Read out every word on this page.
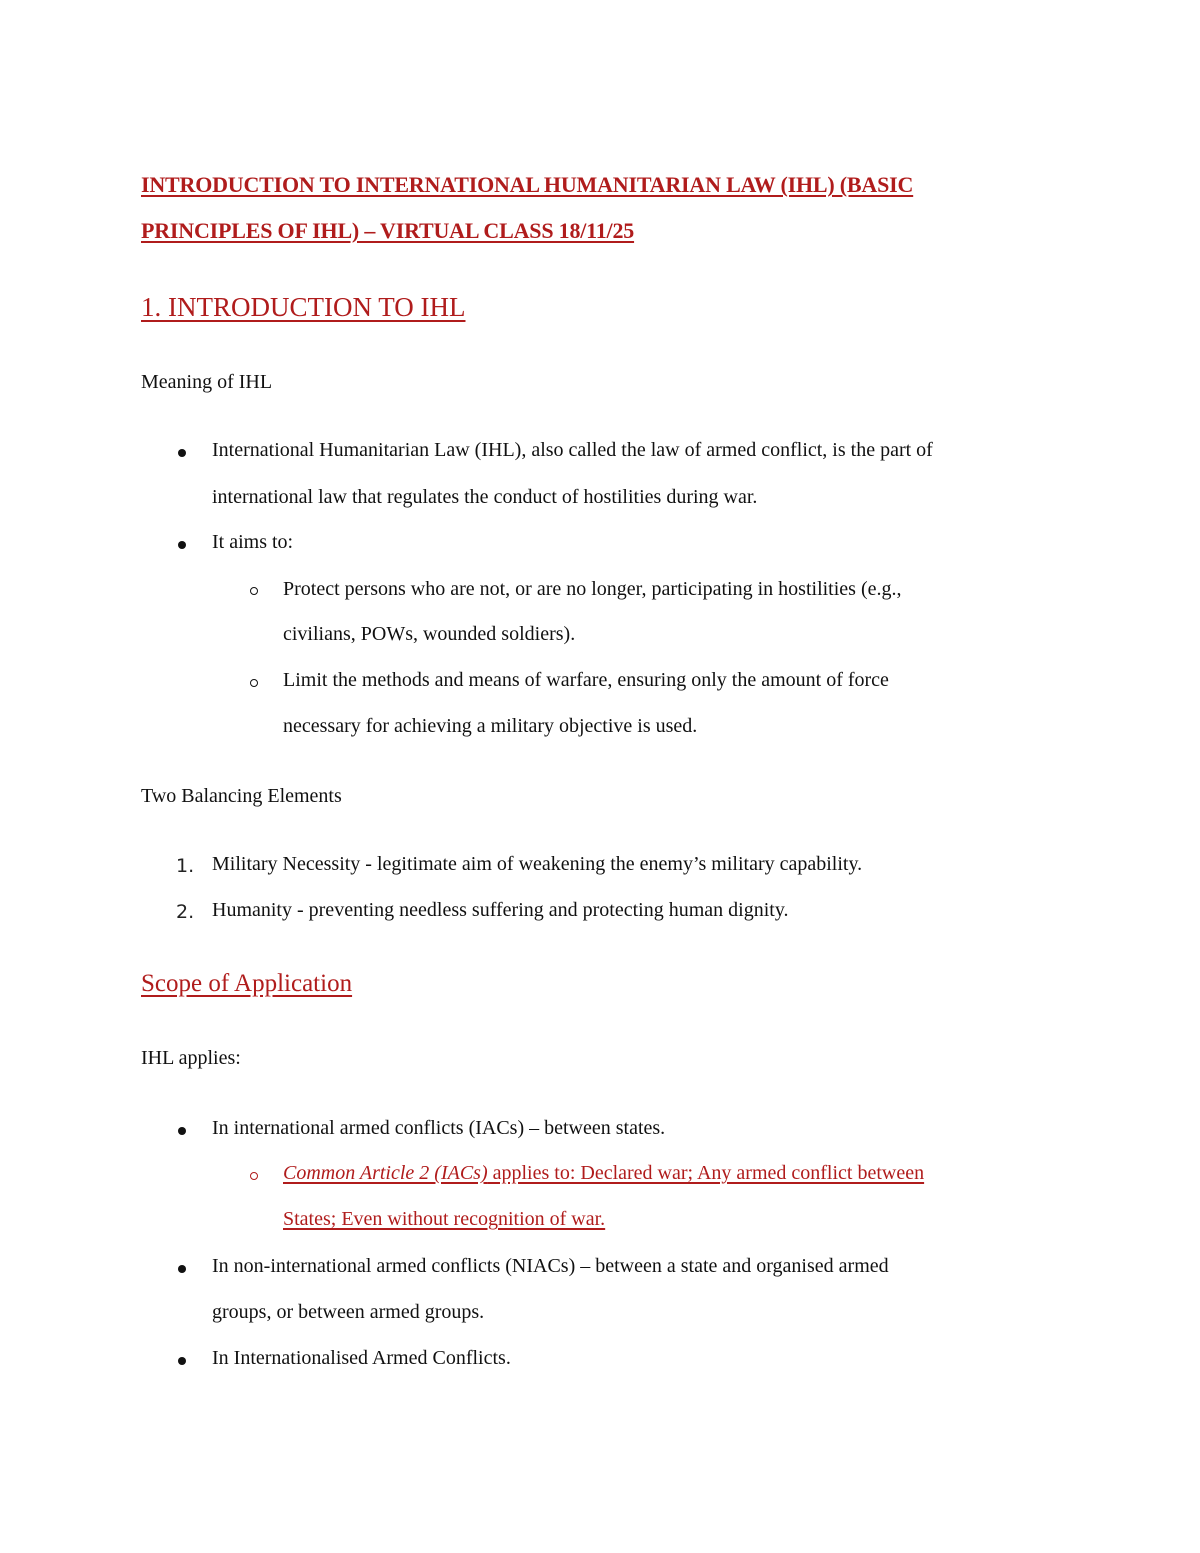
INTRODUCTION TO INTERNATIONAL HUMANITARIAN LAW (IHL) (BASIC
PRINCIPLES OF IHL) – VIRTUAL CLASS 18/11/25
1. INTRODUCTION TO IHL
Meaning of IHL
International Humanitarian Law (IHL), also called the law of armed conflict, is the part of
international law that regulates the conduct of hostilities during war.
It aims to:
Protect persons who are not, or are no longer, participating in hostilities (e.g.,
civilians, POWs, wounded soldiers).
Limit the methods and means of warfare, ensuring only the amount of force
necessary for achieving a military objective is used.
Two Balancing Elements
1. Military Necessity - legitimate aim of weakening the enemy’s military capability.
2. Humanity - preventing needless suffering and protecting human dignity.
Scope of Application
IHL applies:
In international armed conflicts (IACs) – between states.
Common Article 2 (IACs) applies to: Declared war; Any armed conflict between
States; Even without recognition of war.
In non-international armed conflicts (NIACs) – between a state and organised armed
groups, or between armed groups.
In Internationalised Armed Conflicts.
